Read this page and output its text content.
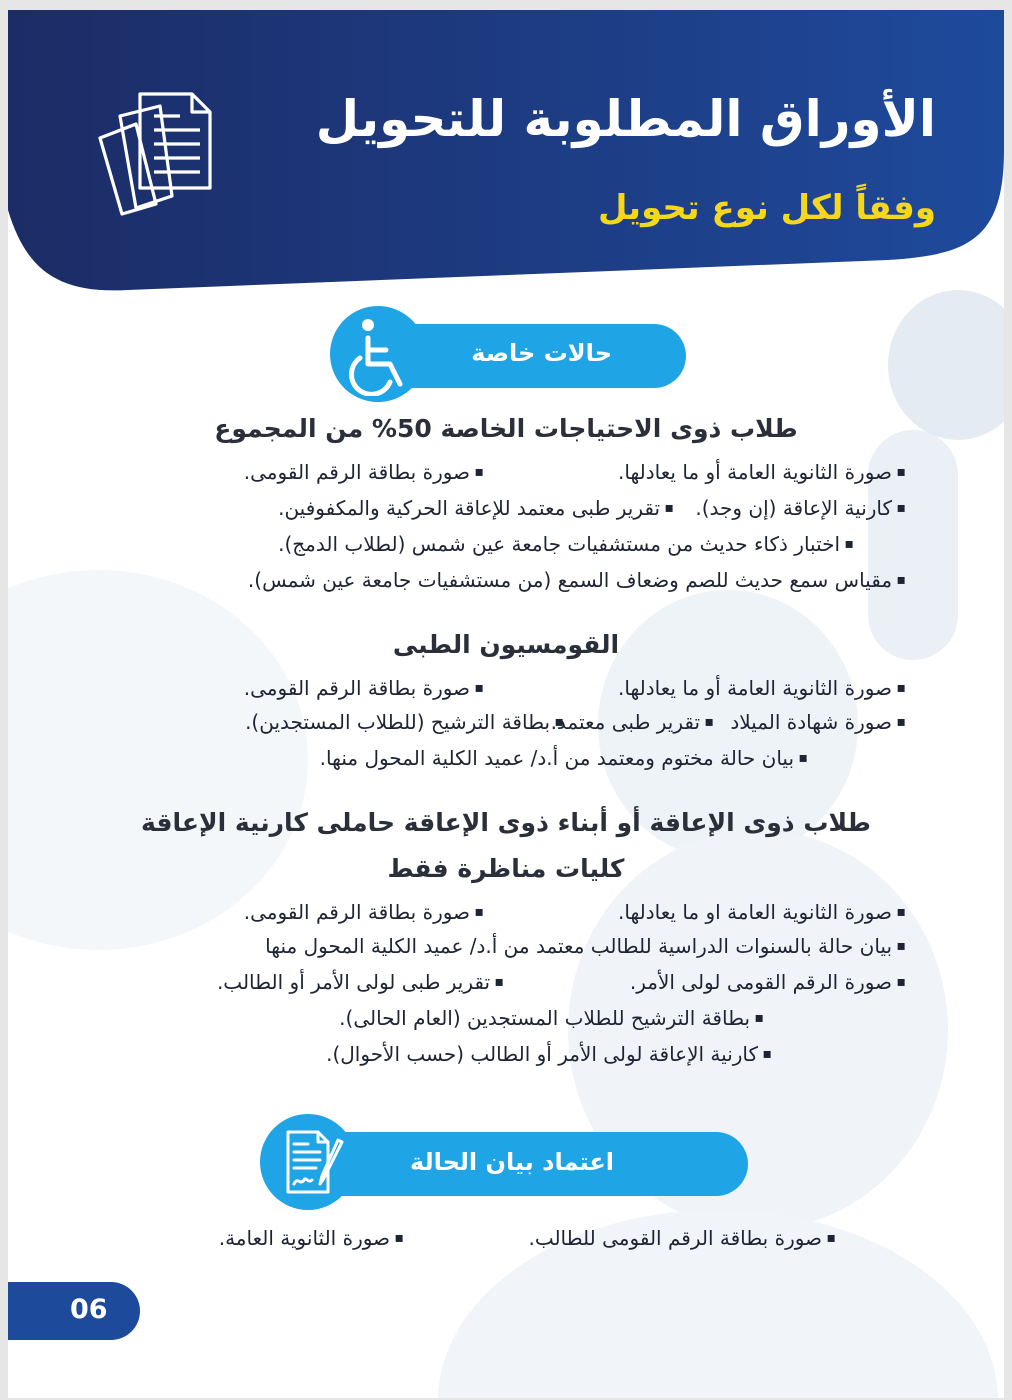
الأوراق المطلوبة للتحويل
وفقاً لكل نوع تحويل
حالات خاصة
طلاب ذوى الاحتياجات الخاصة 50% من المجموع
▪ صورة الثانوية العامة أو ما يعادلها.
▪ صورة بطاقة الرقم القومى.
▪ كارنية الإعاقة (إن وجد).
▪ تقرير طبى معتمد للإعاقة الحركية والمكفوفين.
▪ اختبار ذكاء حديث من مستشفيات جامعة عين شمس (لطلاب الدمج).
▪ مقياس سمع حديث للصم وضعاف السمع (من مستشفيات جامعة عين شمس).
القومسيون الطبى
▪ صورة الثانوية العامة أو ما يعادلها.
▪ صورة بطاقة الرقم القومى.
▪ صورة شهادة الميلاد
▪ تقرير طبى معتمد.
▪ بطاقة الترشيح (للطلاب المستجدين).
▪ بيان حالة مختوم ومعتمد من أ.د/ عميد الكلية المحول منها.
طلاب ذوى الإعاقة أو أبناء ذوى الإعاقة حاملى كارنية الإعاقة
كليات مناظرة فقط
▪ صورة الثانوية العامة او ما يعادلها.
▪ صورة بطاقة الرقم القومى.
▪ بيان حالة بالسنوات الدراسية للطالب معتمد من أ.د/ عميد الكلية المحول منها
▪ صورة الرقم القومى لولى الأمر.
▪ تقرير طبى لولى الأمر أو الطالب.
▪ بطاقة الترشيح للطلاب المستجدين (العام الحالى).
▪ كارنية الإعاقة لولى الأمر أو الطالب (حسب الأحوال).
اعتماد بيان الحالة
▪ صورة بطاقة الرقم القومى للطالب.
▪ صورة الثانوية العامة.
06
